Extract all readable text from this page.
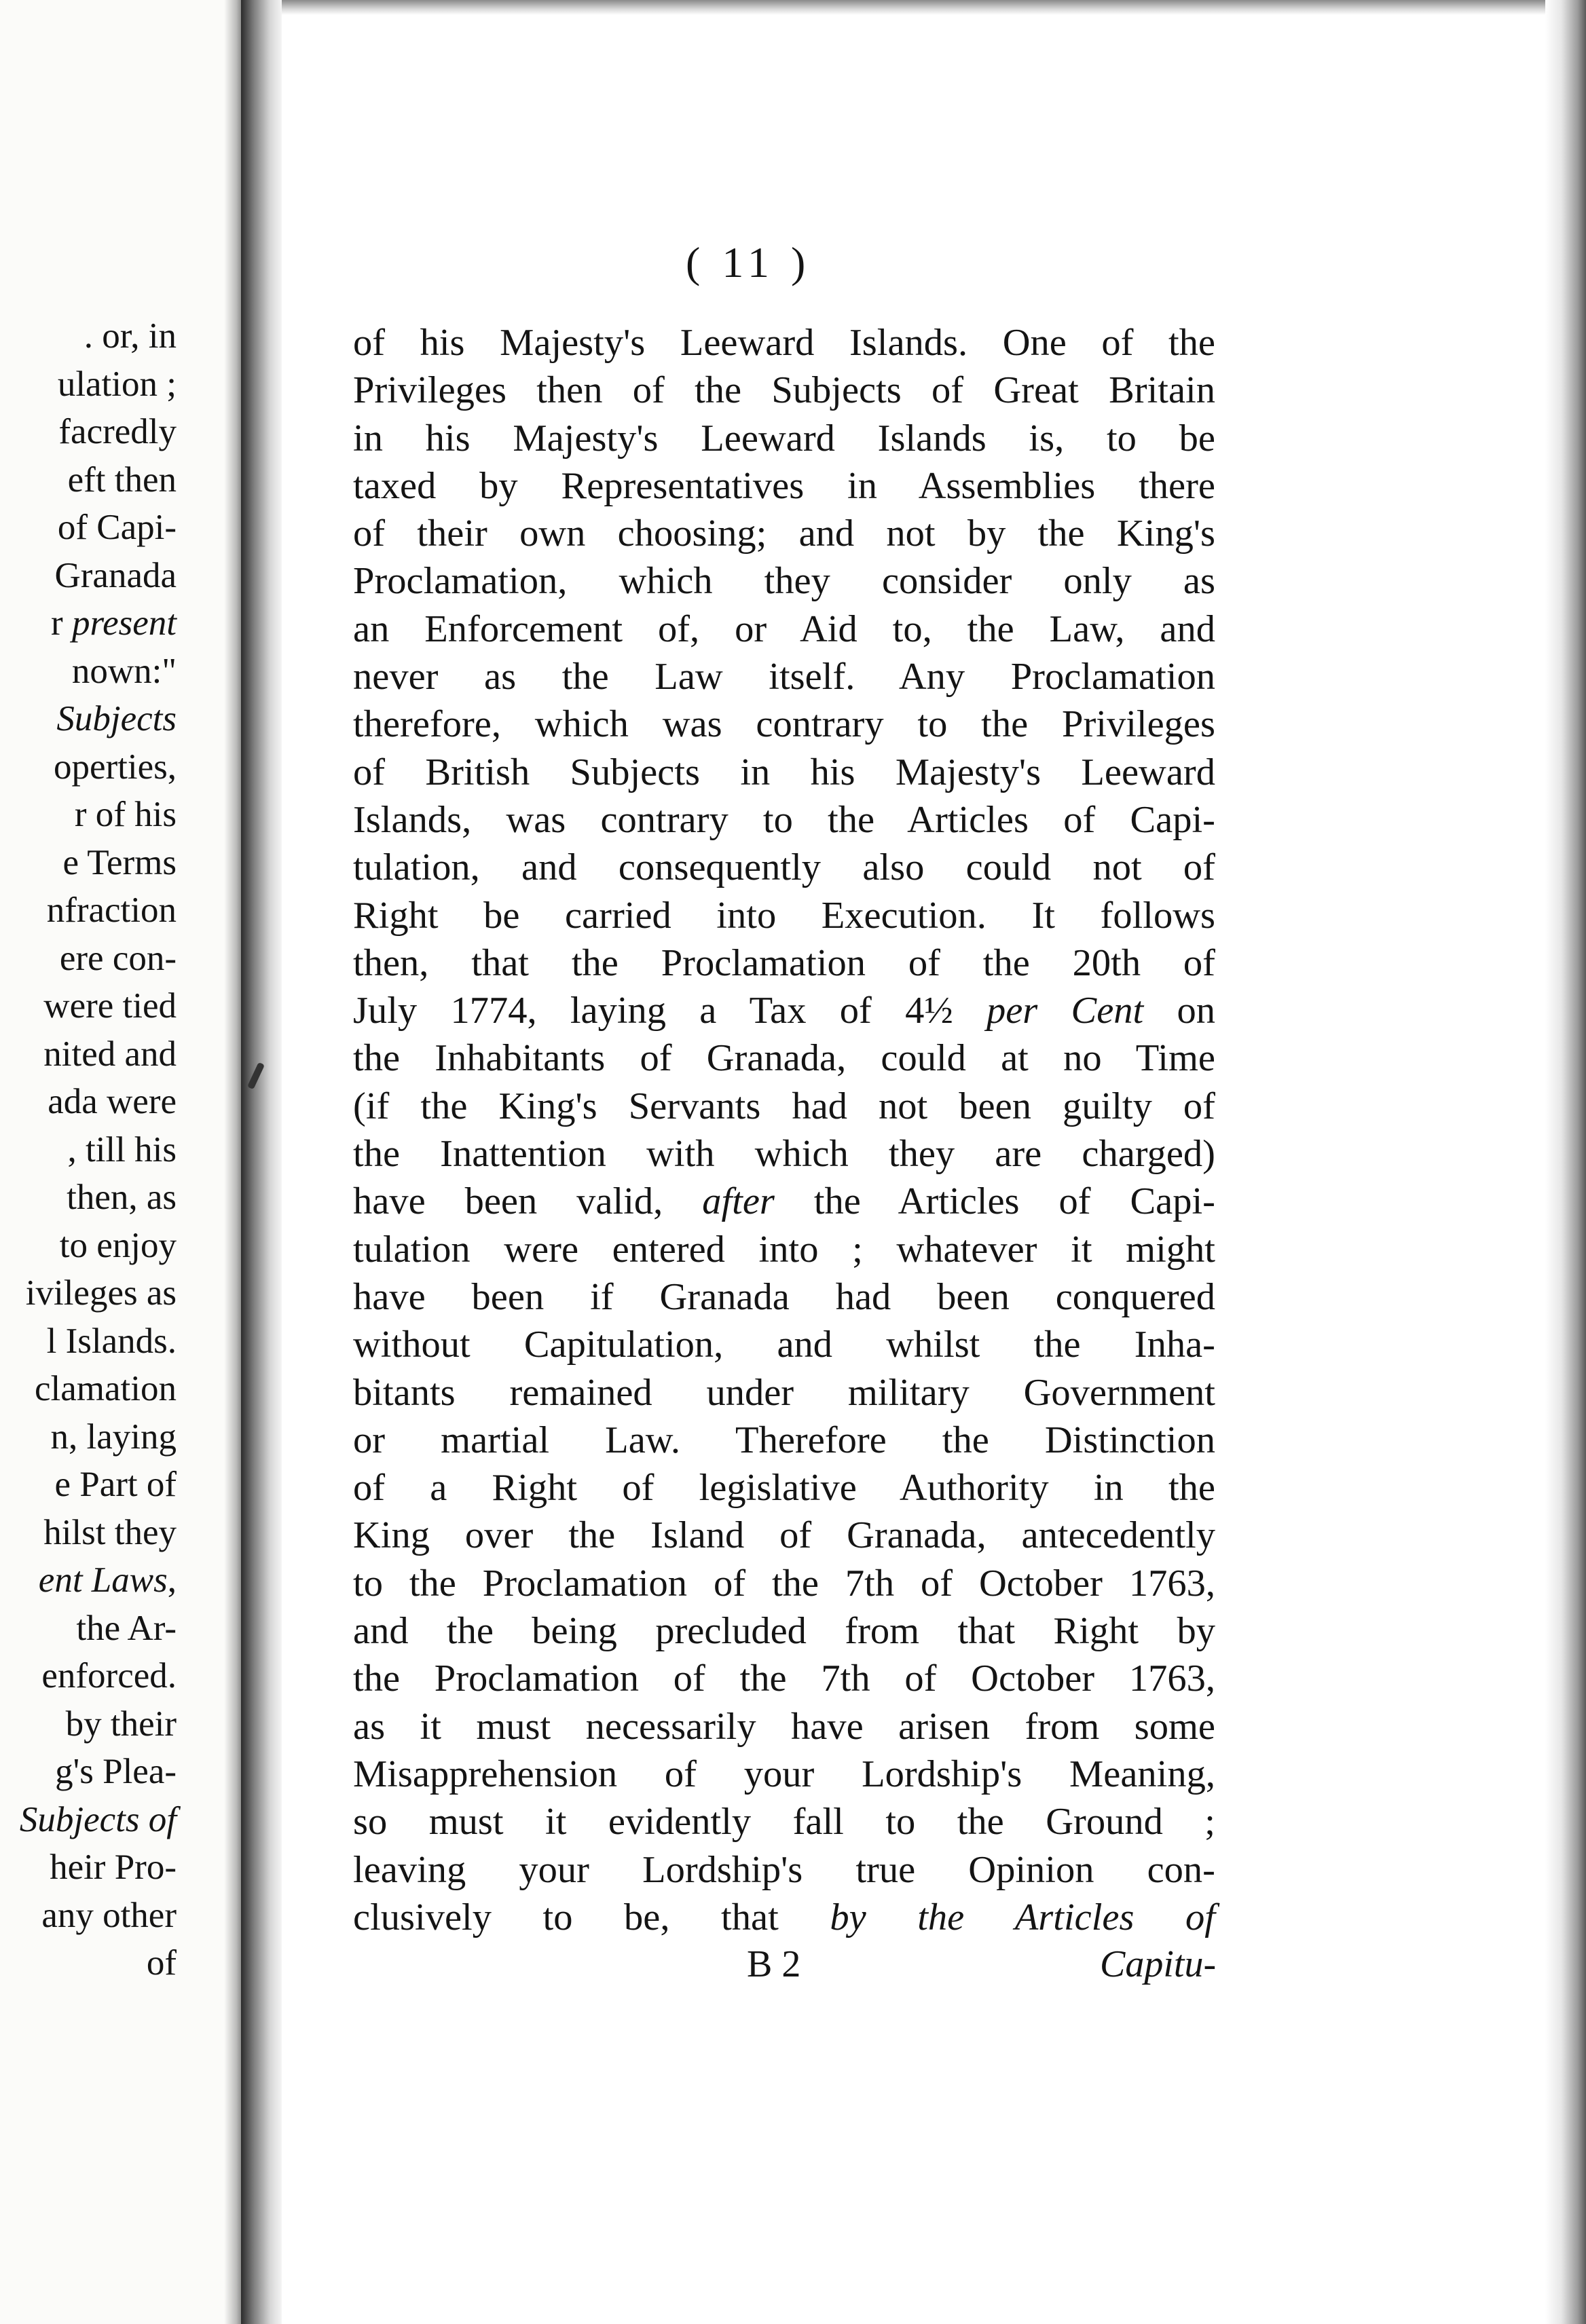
. or, in
ulation ;
facredly
eft then
of Capi-
Granada
r present
nown:"
Subjects
operties,
r of his
e Terms
nfraction
ere con-
were tied
nited and
ada were
, till his
then, as
to enjoy
ivileges as
l Islands.
clamation
n, laying
e Part of
hilst they
ent Laws,
the Ar-
enforced.
by their
g's Plea-
Subjects of
heir Pro-
any other
of
( 11 )
of his Majesty's Leeward Islands. One of the
Privileges then of the Subjects of Great Britain
in his Majesty's Leeward Islands is, to be
taxed by Representatives in Assemblies there
of their own choosing; and not by the King's
Proclamation, which they consider only as
an Enforcement of, or Aid to, the Law, and
never as the Law itself. Any Proclamation
therefore, which was contrary to the Privileges
of British Subjects in his Majesty's Leeward
Islands, was contrary to the Articles of Capi-
tulation, and consequently also could not of
Right be carried into Execution. It follows
then, that the Proclamation of the 20th of
July 1774, laying a Tax of 4½ per Cent on
the Inhabitants of Granada, could at no Time
(if the King's Servants had not been guilty of
the Inattention with which they are charged)
have been valid, after the Articles of Capi-
tulation were entered into ; whatever it might
have been if Granada had been conquered
without Capitulation, and whilst the Inha-
bitants remained under military Government
or martial Law. Therefore the Distinction
of a Right of legislative Authority in the
King over the Island of Granada, antecedently
to the Proclamation of the 7th of October 1763,
and the being precluded from that Right by
the Proclamation of the 7th of October 1763,
as it must necessarily have arisen from some
Misapprehension of your Lordship's Meaning,
so must it evidently fall to the Ground ;
leaving your Lordship's true Opinion con-
clusively to be, that by the Articles of
B 2	Capitu-
